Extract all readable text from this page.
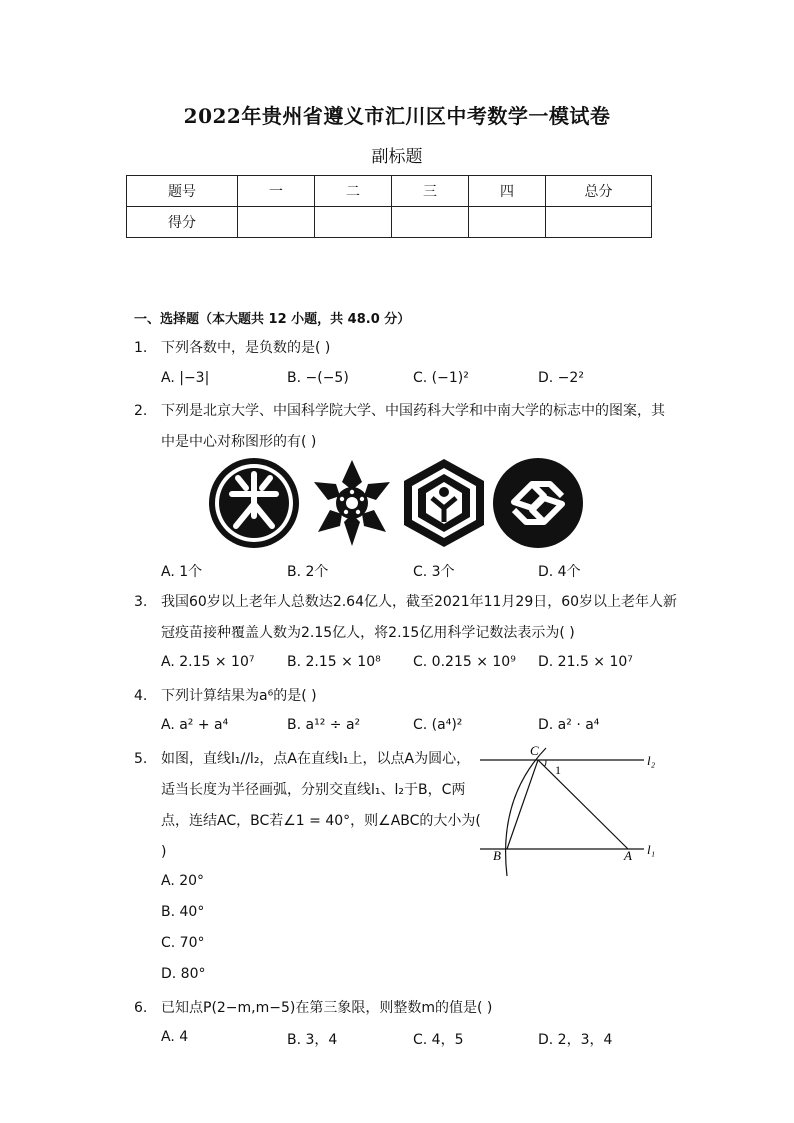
2022年贵州省遵义市汇川区中考数学一模试卷
副标题
题号	一	二	三	四	总分
得分					
一、选择题（本大题共 12 小题，共 48.0 分）
1. 下列各数中，是负数的是( )
A. |−3|	B. −(−5)	C. (−1)²	D. −2²
2. 下列是北京大学、中国科学院大学、中国药科大学和中南大学的标志中的图案，其
中是中心对称图形的有( )
A. 1个	B. 2个	C. 3个	D. 4个
3. 我国60岁以上老年人总数达2.64亿人，截至2021年11月29日，60岁以上老年人新
冠疫苗接种覆盖人数为2.15亿人，将2.15亿用科学记数法表示为( )
A. 2.15 × 10⁷ B. 2.15 × 10⁸ C. 0.215 × 10⁹ D. 21.5 × 10⁷
4. 下列计算结果为a⁶的是( )
A. a² + a⁴	B. a¹² ÷ a²	C. (a⁴)²	D. a² · a⁴
5. 如图，直线l₁//l₂，点A在直线l₁上，以点A为圆心，
适当长度为半径画弧，分别交直线l₁、l₂于B，C两
点，连结AC，BC若∠1 = 40°，则∠ABC的大小为(
)
A. 20°
B. 40°
C. 70°
D. 80°
C
1
B	A
l₂
l₁
6. 已知点P(2−m,m−5)在第三象限，则整数m的值是( )
A. 4	B. 3，4	C. 4，5	D. 2，3，4
